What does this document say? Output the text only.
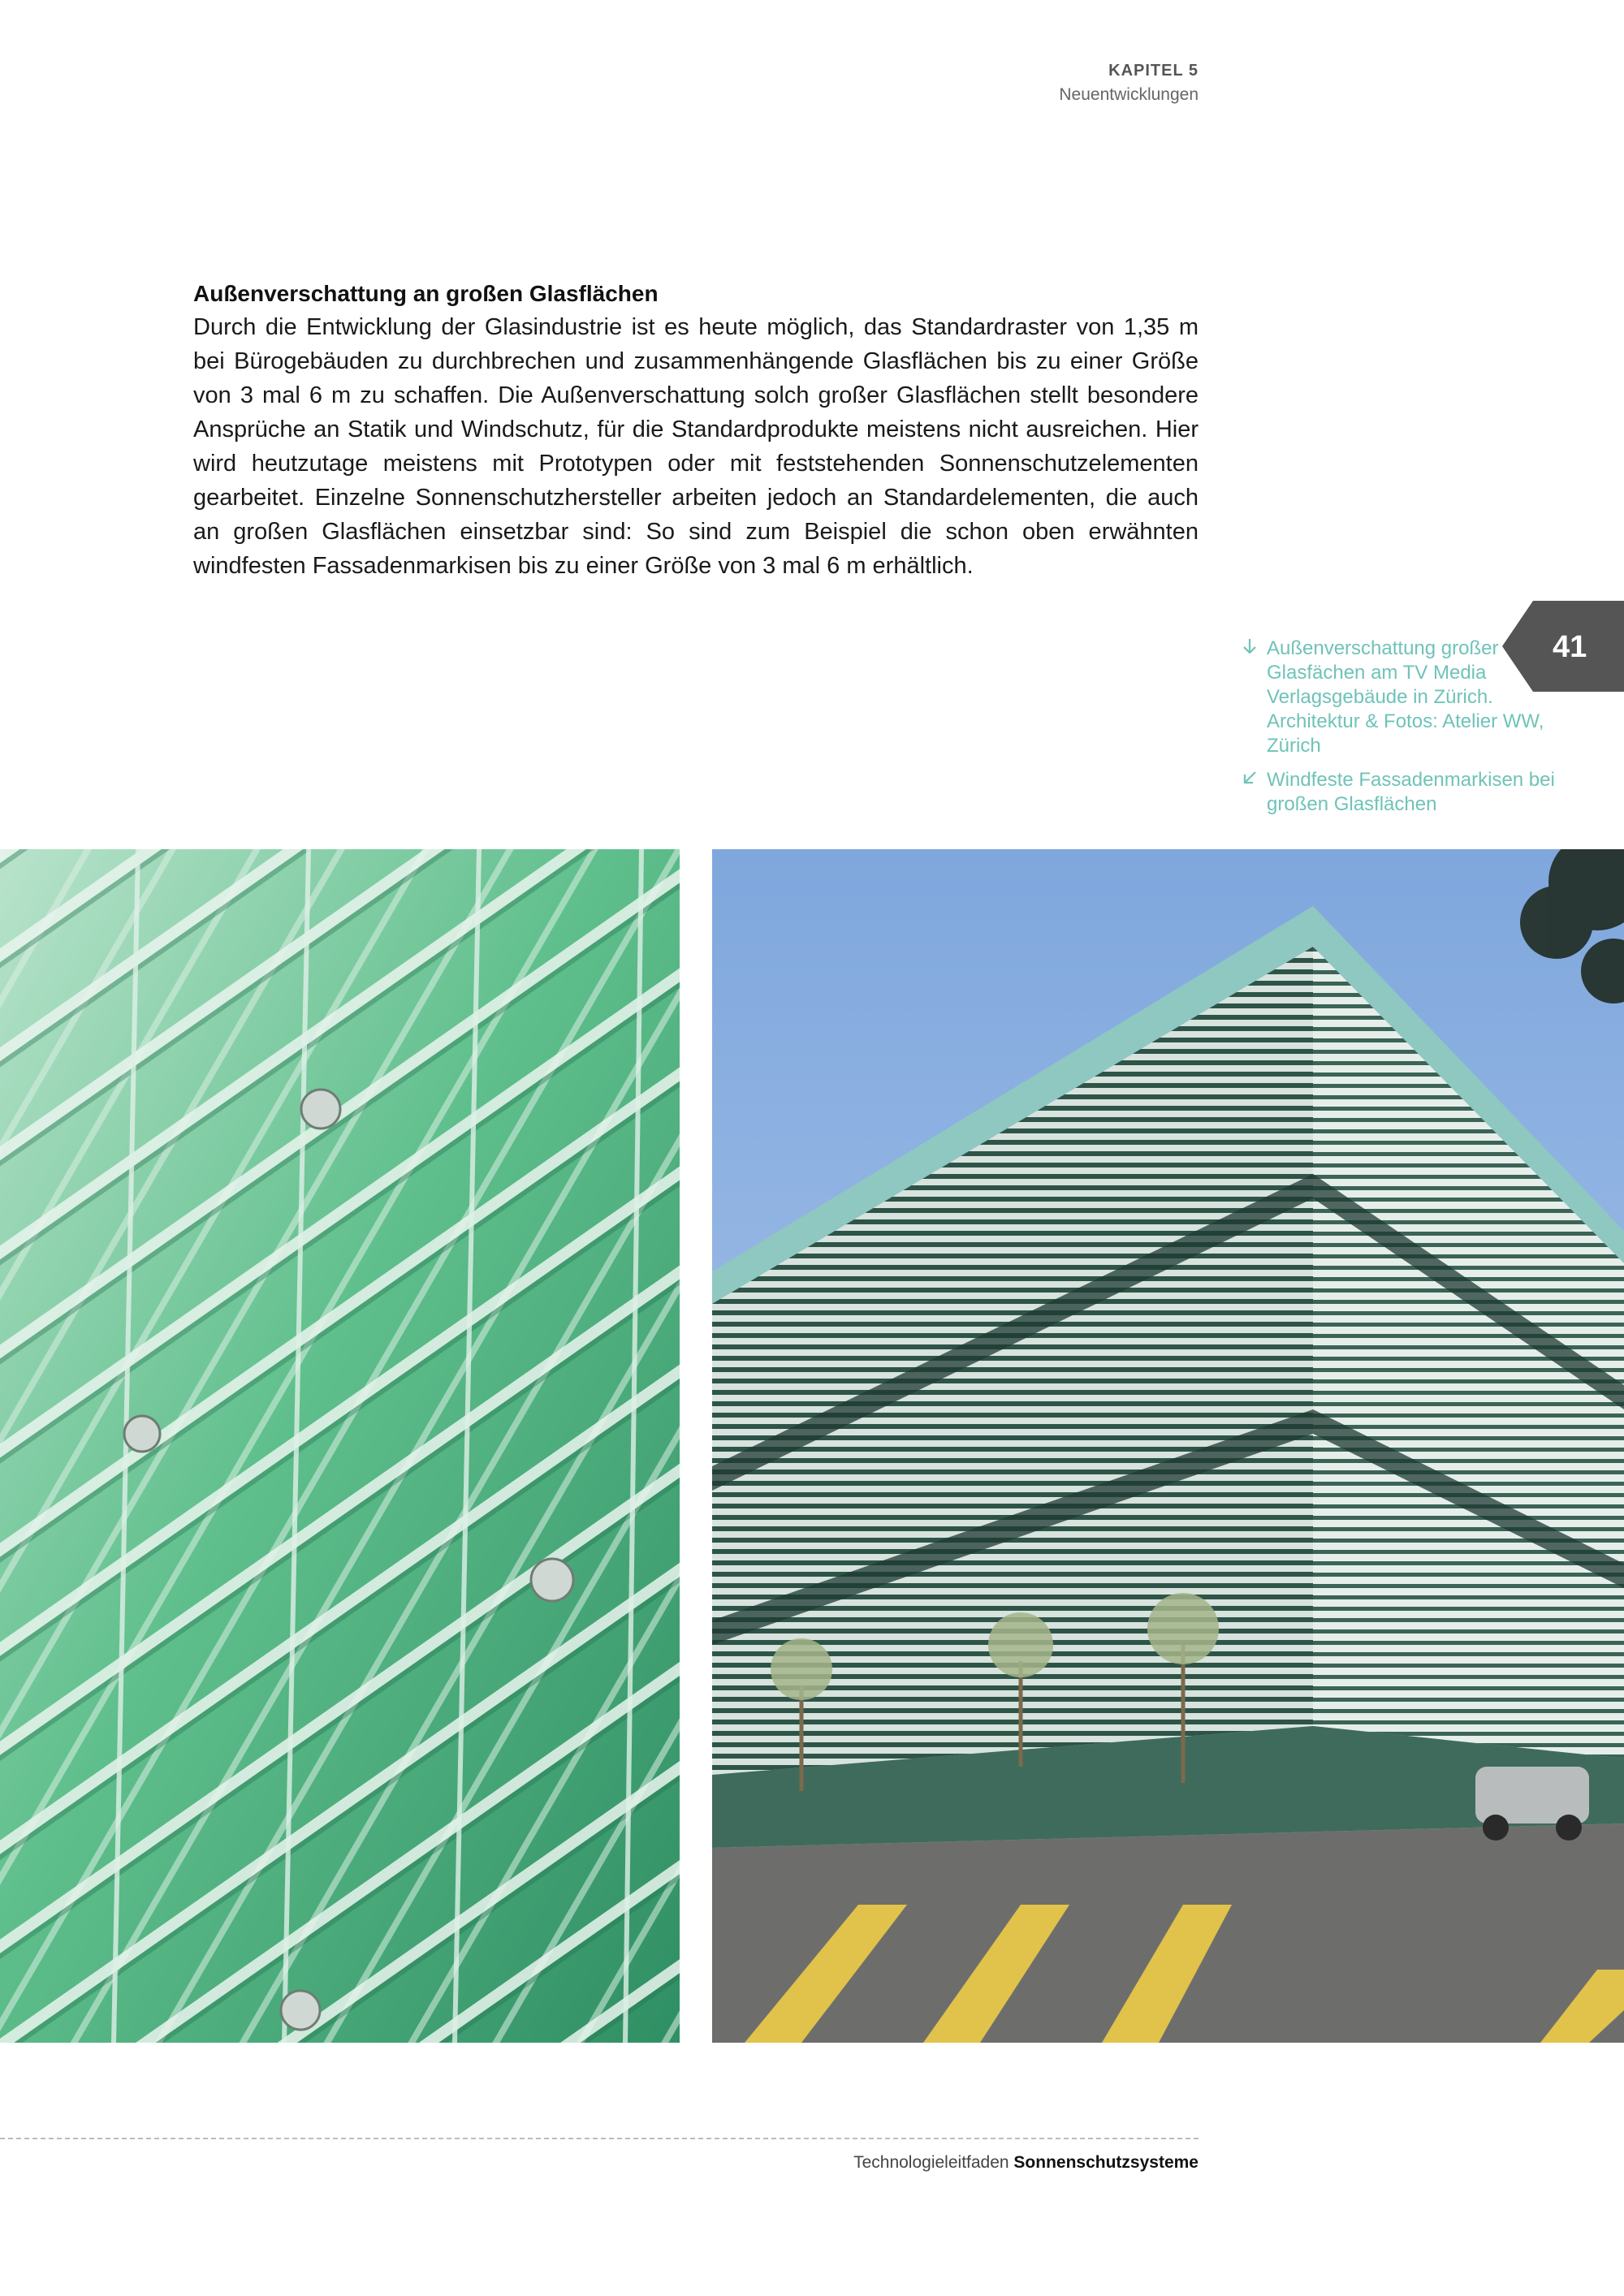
KAPITEL 5
Neuentwicklungen
Außenverschattung an großen Glasflächen

Durch die Entwicklung der Glasindustrie ist es heute möglich, das Standardraster von 1,35 m bei Bürogebäuden zu durchbrechen und zusammenhängende Glasflächen bis zu einer Größe von 3 mal 6 m zu schaffen. Die Außenverschattung solch großer Glasflächen stellt besondere Ansprüche an Statik und Windschutz, für die Standardprodukte meistens nicht ausreichen. Hier wird heutzutage meistens mit Prototypen oder mit feststehenden Sonnenschutzelementen gearbeitet. Einzelne Sonnenschutzhersteller arbeiten jedoch an Standardelementen, die auch an großen Glasflächen einsetzbar sind: So sind zum Beispiel die schon oben erwähnten windfesten Fassadenmarkisen bis zu einer Größe von 3 mal 6 m erhältlich.

41
Außenverschattung großer Glasfächen am TV Media Verlagsgebäude in Zürich. Architektur & Fotos: Atelier WW, Zürich
Windfeste Fassadenmarkisen bei großen Glasflächen
Technologieleitfaden Sonnenschutzsysteme
